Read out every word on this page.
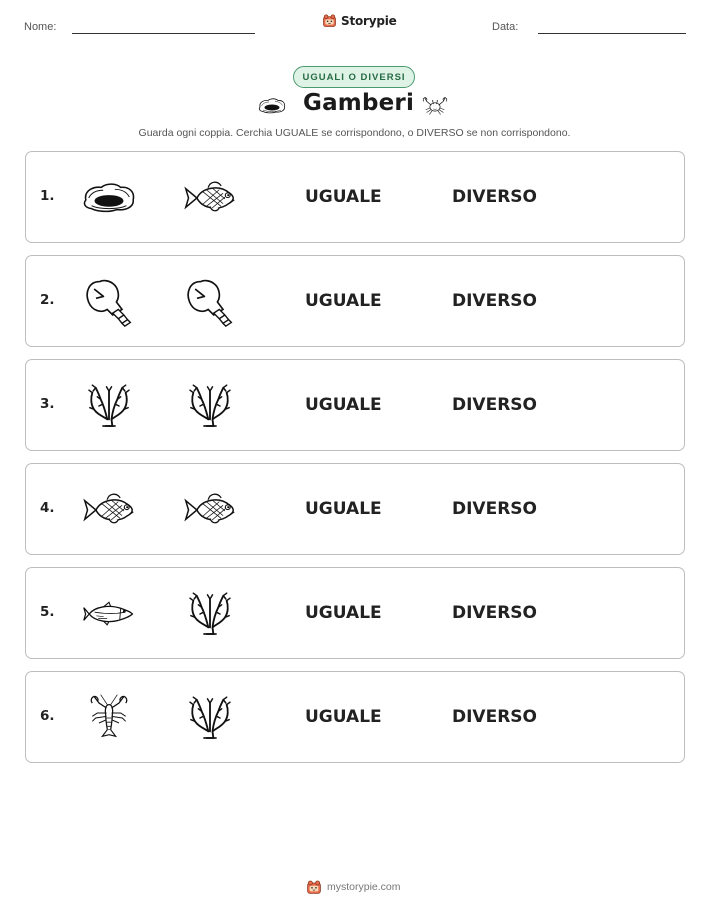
Nome:	Storypie	Data:
UGUALI O DIVERSI
Gamberi
Guarda ogni coppia. Cerchia UGUALE se corrispondono, o DIVERSO se non corrispondono.
1.	UGUALE	DIVERSO
2.	UGUALE	DIVERSO
3.	UGUALE	DIVERSO
4.	UGUALE	DIVERSO
5.	UGUALE	DIVERSO
6.	UGUALE	DIVERSO
mystorypie.com
